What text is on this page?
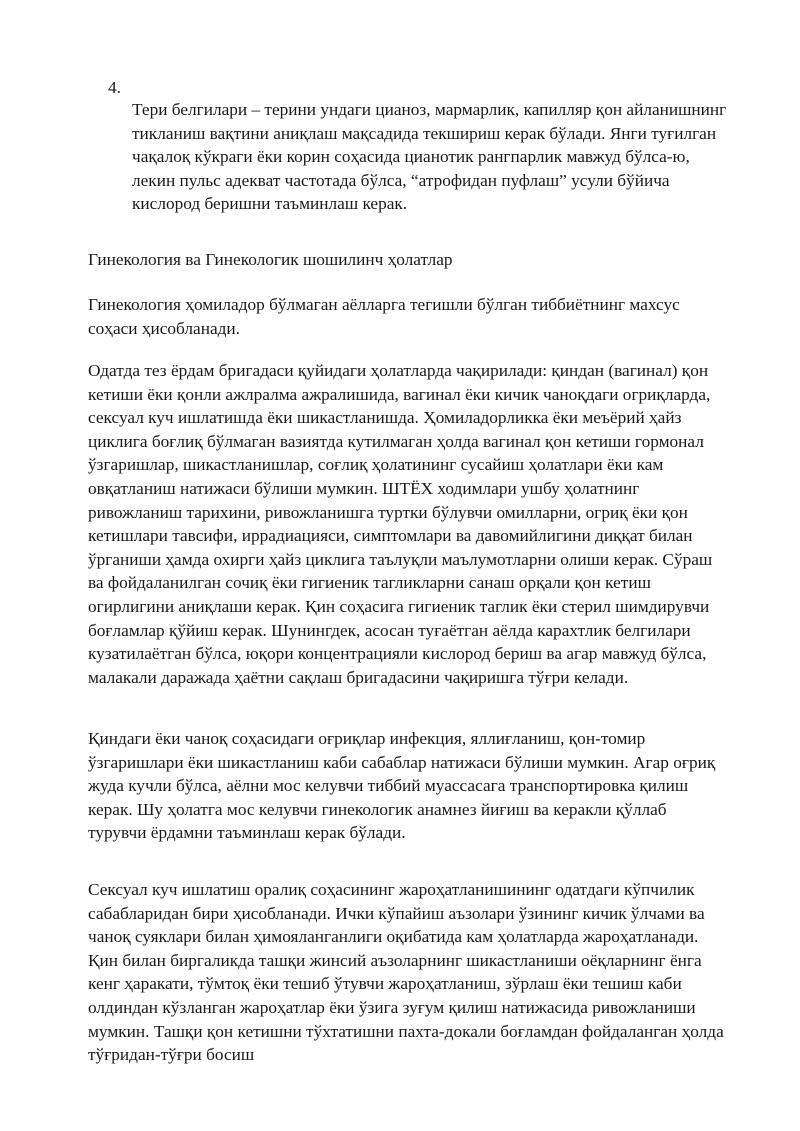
4.
Тери белгилари – терини ундаги цианоз, мармарлик, капилляр қон айланишнинг тикланиш вақтини аниқлаш мақсадида текшириш керак бўлади. Янги туғилган чақалоқ кўкраги ёки корин соҳасида цианотик рангпарлик мавжуд бўлса-ю, лекин пульс адекват частотада бўлса, “атрофидан пуфлаш” усули бўйича кислород беришни таъминлаш керак.

Гинекология ва Гинекологик шошилинч ҳолатлар

Гинекология ҳомиладор бўлмаган аёлларга тегишли бўлган тиббиётнинг махсус соҳаси ҳисобланади.

Одатда тез ёрдам бригадаси қуйидаги ҳолатларда чақирилади: қиндан (вагинал) қон кетиши ёки қонли ажлралма ажралишида, вагинал ёки кичик чаноқдаги огриқларда, сексуал куч ишлатишда ёки шикастланишда. Ҳомиладорликка ёки меъёрий ҳайз циклига боғлиқ бўлмаган вазиятда кутилмаган ҳолда вагинал қон кетиши гормонал ўзгаришлар, шикастланишлар, соғлиқ ҳолатининг сусайиш ҳолатлари ёки кам овқатланиш натижаси бўлиши мумкин. ШТЁХ ходимлари ушбу ҳолатнинг ривожланиш тарихини, ривожланишга туртки бўлувчи омилларни, огриқ ёки қон кетишлари тавсифи, иррадиацияси, симптомлари ва давомийлигини диққат билан ўрганиши ҳамда охирги ҳайз циклига таълуқли маълумотларни олиши керак. Сўраш ва фойдаланилган сочиқ ёки гигиеник тагликларни санаш орқали қон кетиш огирлигини аниқлаши керак. Қин соҳасига гигиеник таглик ёки стерил шимдирувчи боғламлар қўйиш керак. Шунингдек, асосан туғаётган аёлда карахтлик белгилари кузатилаётган бўлса, юқори концентрацияли кислород бериш ва агар мавжуд бўлса, малакали даражада ҳаётни сақлаш бригадасини чақиришга тўғри келади.

Қиндаги ёки чаноқ соҳасидаги оғриқлар инфекция, яллиғланиш, қон-томир ўзгаришлари ёки шикастланиш каби сабаблар натижаси бўлиши мумкин. Агар оғриқ жуда кучли бўлса, аёлни мос келувчи тиббий муассасага транспортировка қилиш керак. Шу ҳолатга мос келувчи гинекологик анамнез йиғиш ва керакли қўллаб турувчи ёрдамни таъминлаш керак бўлади.

Сексуал куч ишлатиш оралиқ соҳасининг жароҳатланишининг одатдаги кўпчилик сабабларидан бири ҳисобланади. Ички кўпайиш аъзолари ўзининг кичик ўлчами ва чаноқ суяклари билан ҳимояланганлиги оқибатида кам ҳолатларда жароҳатланади. Қин билан биргаликда ташқи жинсий аъзоларнинг шикастланиши оёқларнинг ёнга кенг ҳаракати, тўмтоқ ёки тешиб ўтувчи жароҳатланиш, зўрлаш ёки тешиш каби олдиндан кўзланган жароҳатлар ёки ўзига зуғум қилиш натижасида ривожланиши мумкин. Ташқи қон кетишни тўхтатишни пахта-докали боғламдан фойдаланган ҳолда тўғридан-тўғри босиш
